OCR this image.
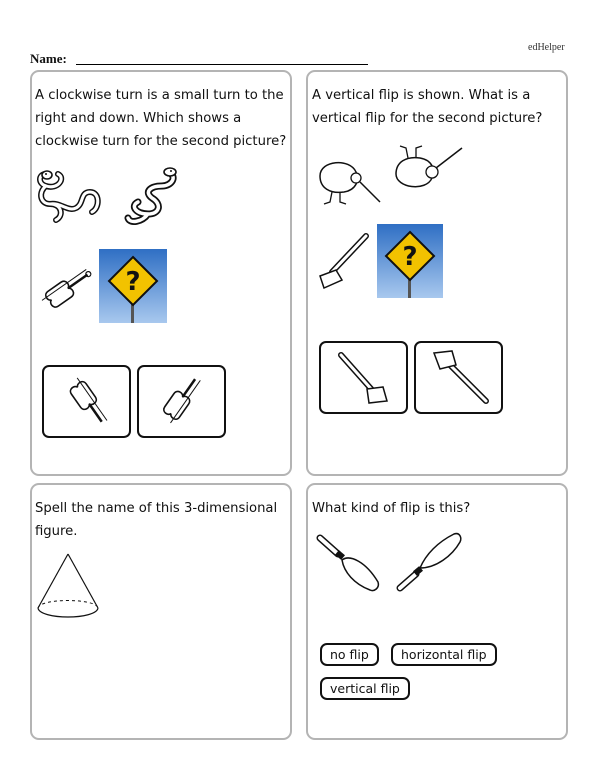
edHelper
Name:
A clockwise turn is a small turn to the
right and down. Which shows a
clockwise turn for the second picture?
?
A vertical flip is shown. What is a
vertical flip for the second picture?
?
Spell the name of this 3-dimensional
figure.
What kind of flip is this?
no flip	horizontal flip
vertical flip
